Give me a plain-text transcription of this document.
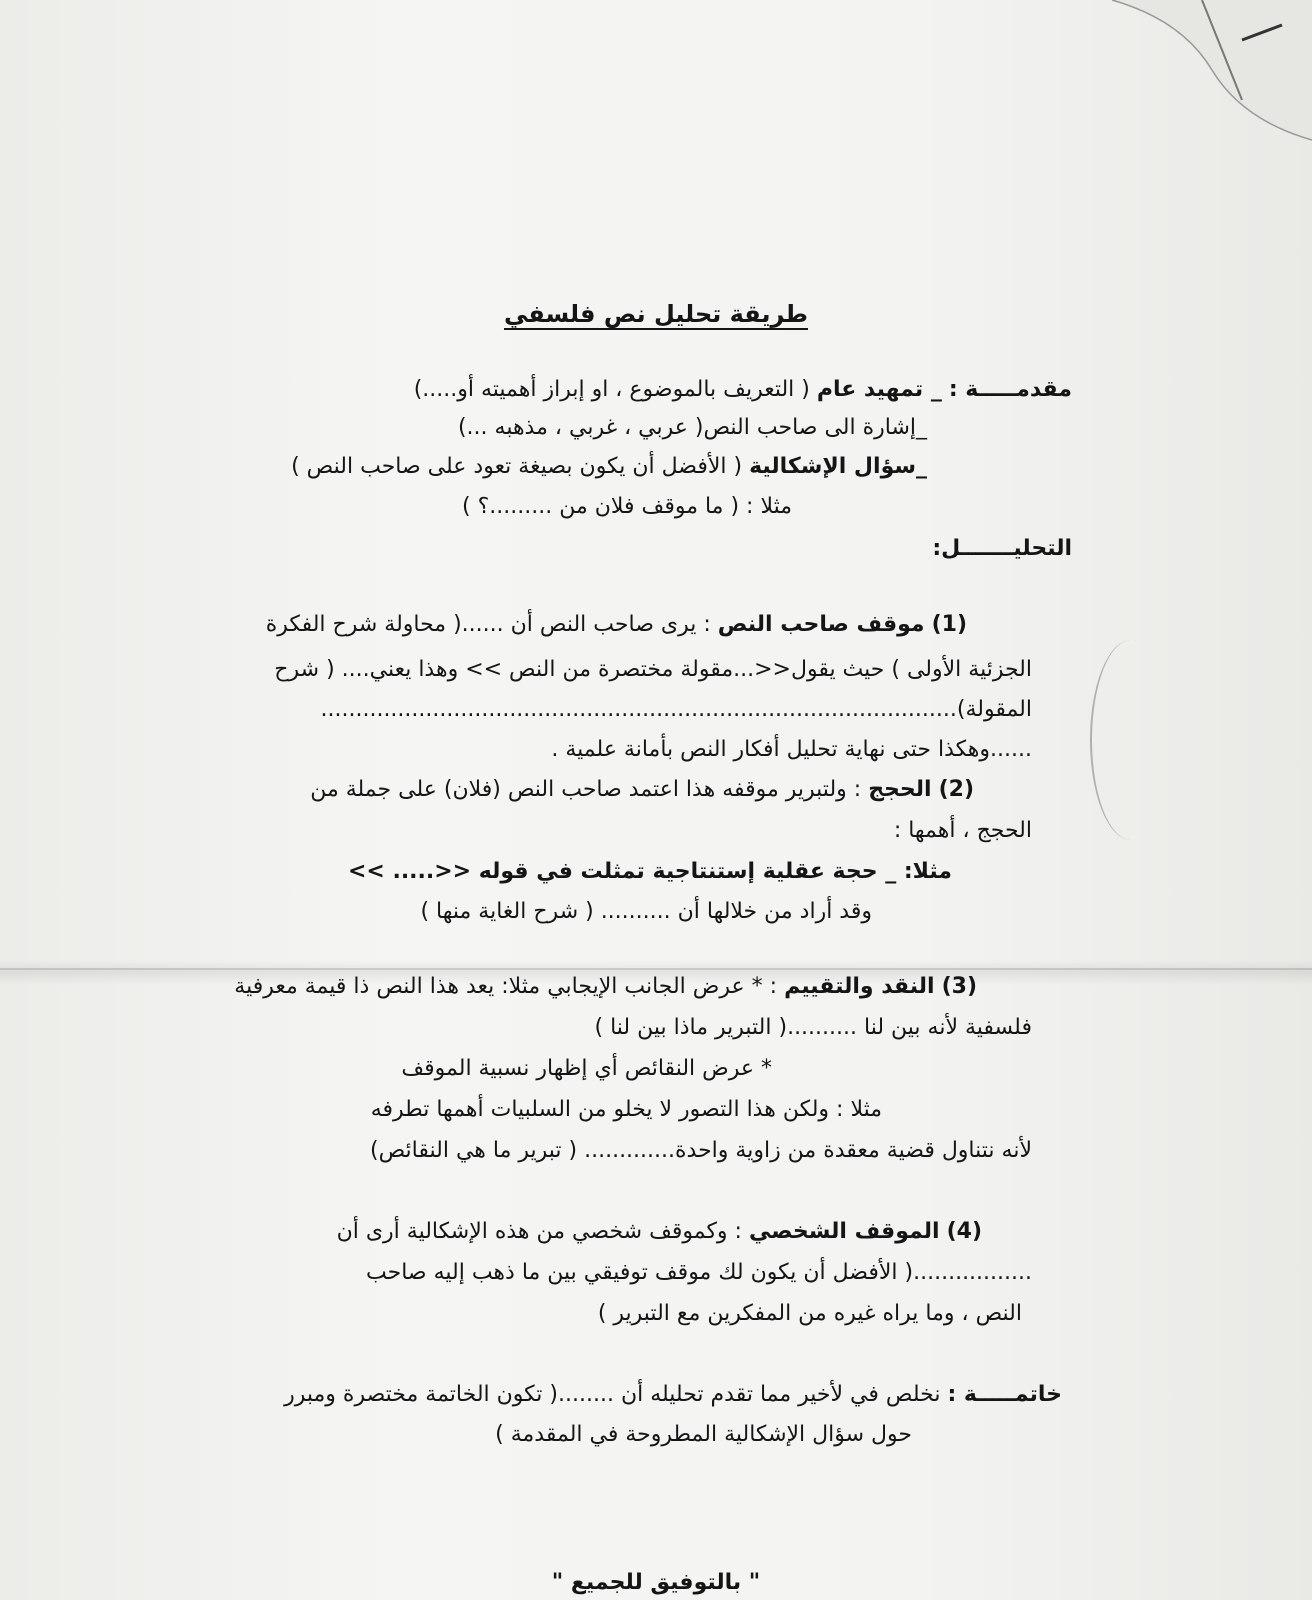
طريقة تحليل نص فلسفي
مقدمـــــة : _ تمهيد عام ( التعريف بالموضوع ، او إبراز أهميته أو.....)
_إشارة الى صاحب النص( عربي ، غربي ، مذهبه ...)
_سؤال الإشكالية ( الأفضل أن يكون بصيغة تعود على صاحب النص )
مثلا : ( ما موقف فلان من .........؟ )
التحليـــــــل:
(1) موقف صاحب النص : يرى صاحب النص أن ......( محاولة شرح الفكرة
الجزئية الأولى ) حيث يقول<<...مقولة مختصرة من النص >> وهذا يعني.... ( شرح
المقولة)...........................................................................................
......وهكذا حتى نهاية تحليل أفكار النص بأمانة علمية .
(2) الحجج : ولتبرير موقفه هذا اعتمد صاحب النص (فلان) على جملة من
الحجج ، أهمها :
مثلا: _ حجة عقلية إستنتاجية تمثلت في قوله <<..... >>
وقد أراد من خلالها أن .......... ( شرح الغاية منها )
(3) النقد والتقييم : * عرض الجانب الإيجابي مثلا: يعد هذا النص ذا قيمة معرفية
فلسفية لأنه بين لنا ..........( التبرير ماذا بين لنا )
* عرض النقائص أي إظهار نسبية الموقف
مثلا : ولكن هذا التصور لا يخلو من السلبيات أهمها تطرفه
لأنه نتناول قضية معقدة من زاوية واحدة............. ( تبرير ما هي النقائص)
(4) الموقف الشخصي : وكموقف شخصي من هذه الإشكالية أرى أن
.................( الأفضل أن يكون لك موقف توفيقي بين ما ذهب إليه صاحب
النص ، وما يراه غيره من المفكرين مع التبرير )
خاتمـــــة : نخلص في لأخير مما تقدم تحليله أن ........( تكون الخاتمة مختصرة ومبرر
حول سؤال الإشكالية المطروحة في المقدمة )
" بالتوفيق للجميع "
